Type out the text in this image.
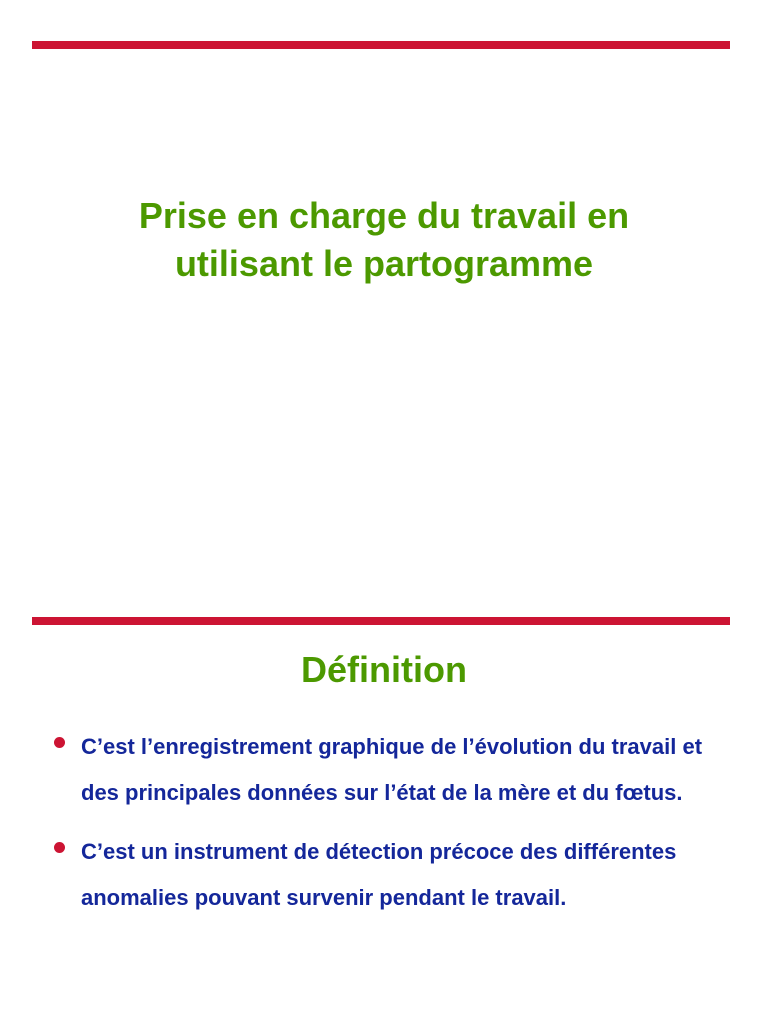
Prise en charge du travail en
utilisant le partogramme
Définition
C’est l’enregistrement graphique de l’évolution du travail et des principales données sur l’état de la mère et du fœtus.
C’est un instrument de détection précoce des différentes anomalies pouvant survenir pendant le travail.
